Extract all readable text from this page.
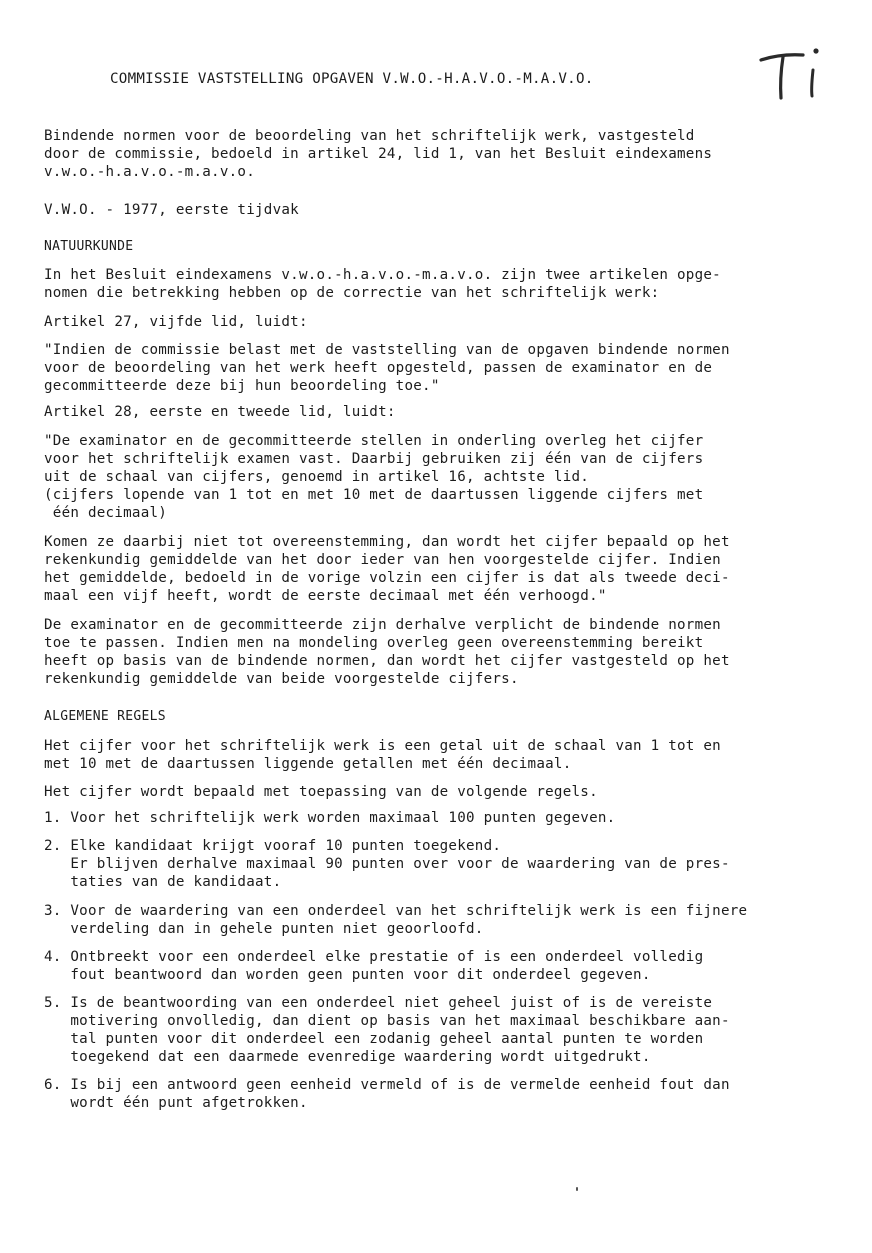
COMMISSIE VASTSTELLING OPGAVEN V.W.O.-H.A.V.O.-M.A.V.O.

Bindende normen voor de beoordeling van het schriftelijk werk, vastgesteld

door de commissie, bedoeld in artikel 24, lid 1, van het Besluit eindexamens

v.w.o.-h.a.v.o.-m.a.v.o.

V.W.O. - 1977, eerste tijdvak

NATUURKUNDE

In het Besluit eindexamens v.w.o.-h.a.v.o.-m.a.v.o. zijn twee artikelen opge-

nomen die betrekking hebben op de correctie van het schriftelijk werk:

Artikel 27, vijfde lid, luidt:

"Indien de commissie belast met de vaststelling van de opgaven bindende normen

voor de beoordeling van het werk heeft opgesteld, passen de examinator en de

gecommitteerde deze bij hun beoordeling toe."

Artikel 28, eerste en tweede lid, luidt:

"De examinator en de gecommitteerde stellen in onderling overleg het cijfer

voor het schriftelijk examen vast. Daarbij gebruiken zij één van de cijfers

uit de schaal van cijfers, genoemd in artikel 16, achtste lid.

(cijfers lopende van 1 tot en met 10 met de daartussen liggende cijfers met

één decimaal)

Komen ze daarbij niet tot overeenstemming, dan wordt het cijfer bepaald op het

rekenkundig gemiddelde van het door ieder van hen voorgestelde cijfer. Indien

het gemiddelde, bedoeld in de vorige volzin een cijfer is dat als tweede deci-

maal een vijf heeft, wordt de eerste decimaal met één verhoogd."

De examinator en de gecommitteerde zijn derhalve verplicht de bindende normen

toe te passen. Indien men na mondeling overleg geen overeenstemming bereikt

heeft op basis van de bindende normen, dan wordt het cijfer vastgesteld op het

rekenkundig gemiddelde van beide voorgestelde cijfers.

ALGEMENE REGELS

Het cijfer voor het schriftelijk werk is een getal uit de schaal van 1 tot en

met 10 met de daartussen liggende getallen met één decimaal.

Het cijfer wordt bepaald met toepassing van de volgende regels.

1. Voor het schriftelijk werk worden maximaal 100 punten gegeven.

2. Elke kandidaat krijgt vooraf 10 punten toegekend.

Er blijven derhalve maximaal 90 punten over voor de waardering van de pres-

taties van de kandidaat.

3. Voor de waardering van een onderdeel van het schriftelijk werk is een fijnere

verdeling dan in gehele punten niet geoorloofd.

4. Ontbreekt voor een onderdeel elke prestatie of is een onderdeel volledig

fout beantwoord dan worden geen punten voor dit onderdeel gegeven.

5. Is de beantwoording van een onderdeel niet geheel juist of is de vereiste

motivering onvolledig, dan dient op basis van het maximaal beschikbare aan-

tal punten voor dit onderdeel een zodanig geheel aantal punten te worden

toegekend dat een daarmede evenredige waardering wordt uitgedrukt.

6. Is bij een antwoord geen eenheid vermeld of is de vermelde eenheid fout dan

wordt één punt afgetrokken.
